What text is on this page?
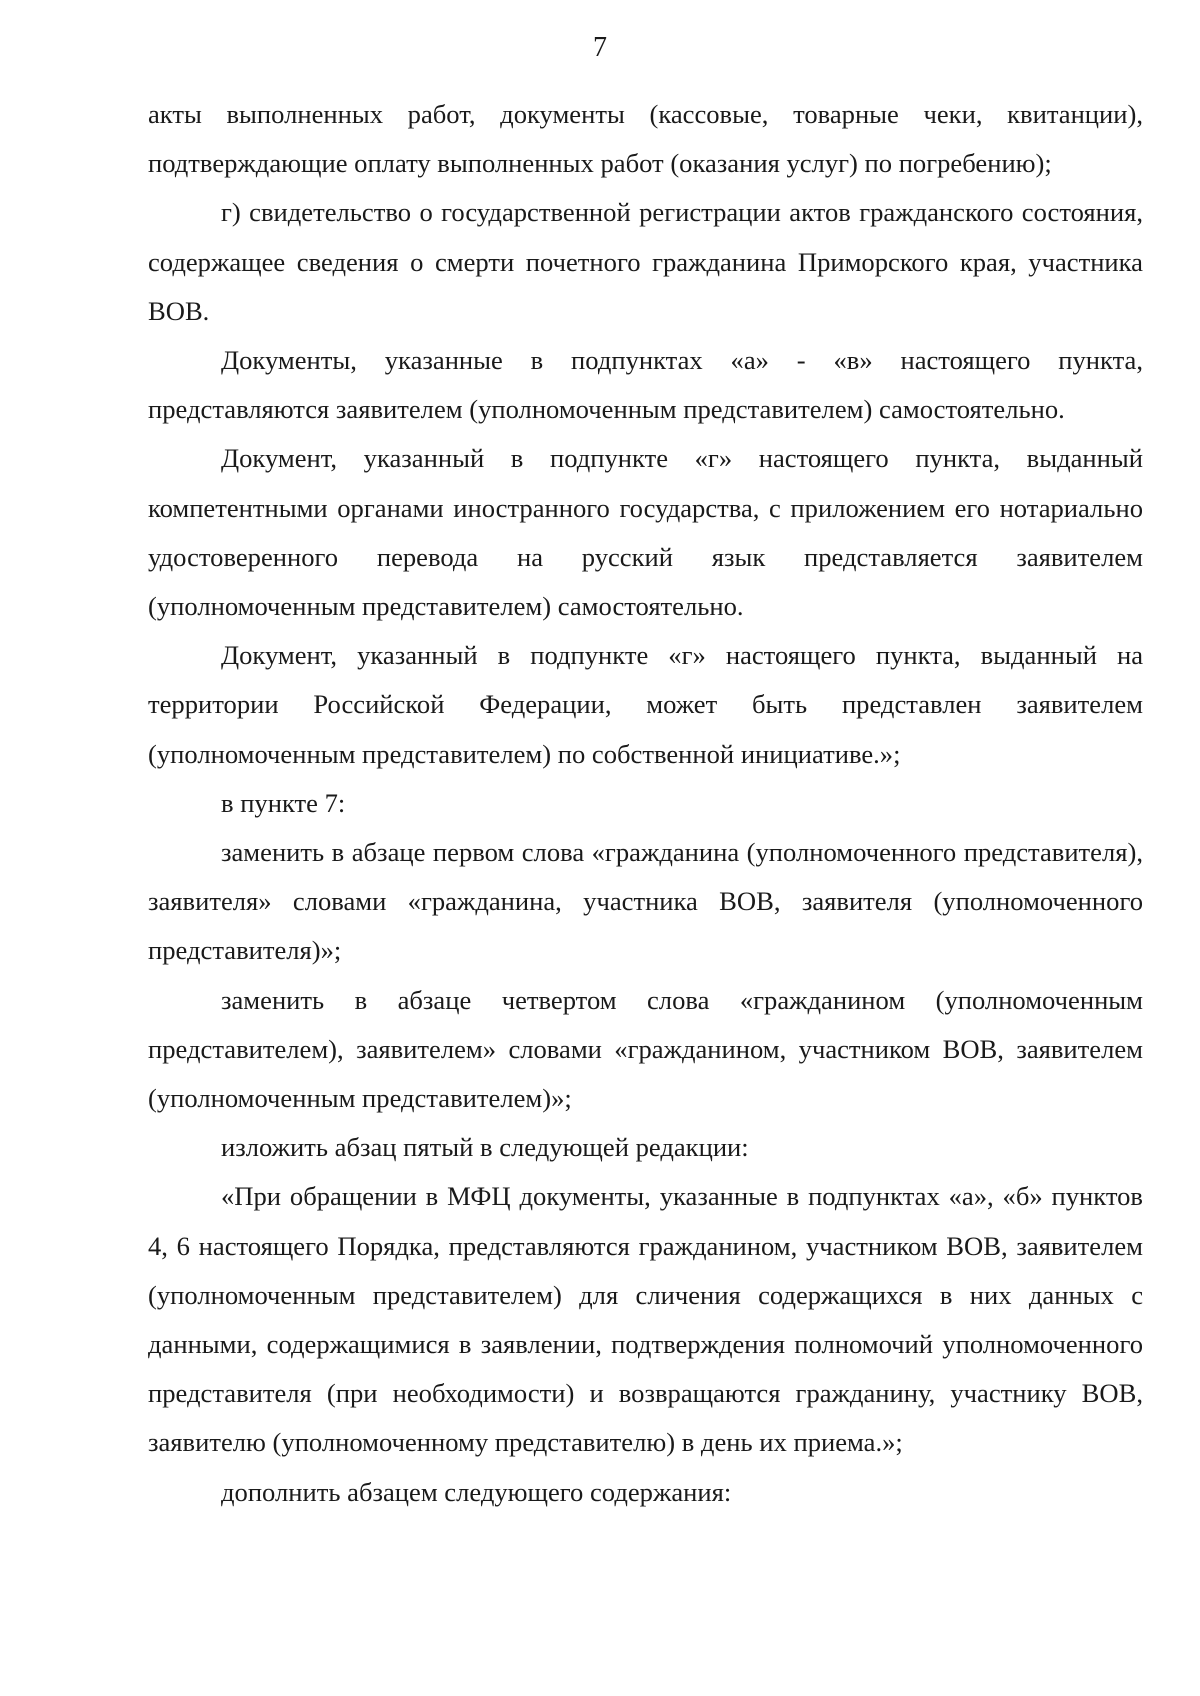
7

акты выполненных работ, документы (кассовые, товарные чеки, квитанции), подтверждающие оплату выполненных работ (оказания услуг) по погребению);

г) свидетельство о государственной регистрации актов гражданского состояния, содержащее сведения о смерти почетного гражданина Приморского края, участника ВОВ.

Документы, указанные в подпунктах «а» - «в» настоящего пункта, представляются заявителем (уполномоченным представителем) самостоятельно.

Документ, указанный в подпункте «г» настоящего пункта, выданный компетентными органами иностранного государства, с приложением его нотариально удостоверенного перевода на русский язык представляется заявителем (уполномоченным представителем) самостоятельно.

Документ, указанный в подпункте «г» настоящего пункта, выданный на территории Российской Федерации, может быть представлен заявителем (уполномоченным представителем) по собственной инициативе.»;

в пункте 7:

заменить в абзаце первом слова «гражданина (уполномоченного представителя), заявителя» словами «гражданина, участника ВОВ, заявителя (уполномоченного представителя)»;

заменить в абзаце четвертом слова «гражданином (уполномоченным представителем), заявителем» словами «гражданином, участником ВОВ, заявителем (уполномоченным представителем)»;

изложить абзац пятый в следующей редакции:

«При обращении в МФЦ документы, указанные в подпунктах «а», «б» пунктов 4, 6 настоящего Порядка, представляются гражданином, участником ВОВ, заявителем (уполномоченным представителем) для сличения содержащихся в них данных с данными, содержащимися в заявлении, подтверждения полномочий уполномоченного представителя (при необходимости) и возвращаются гражданину, участнику ВОВ, заявителю (уполномоченному представителю) в день их приема.»;

дополнить абзацем следующего содержания:
